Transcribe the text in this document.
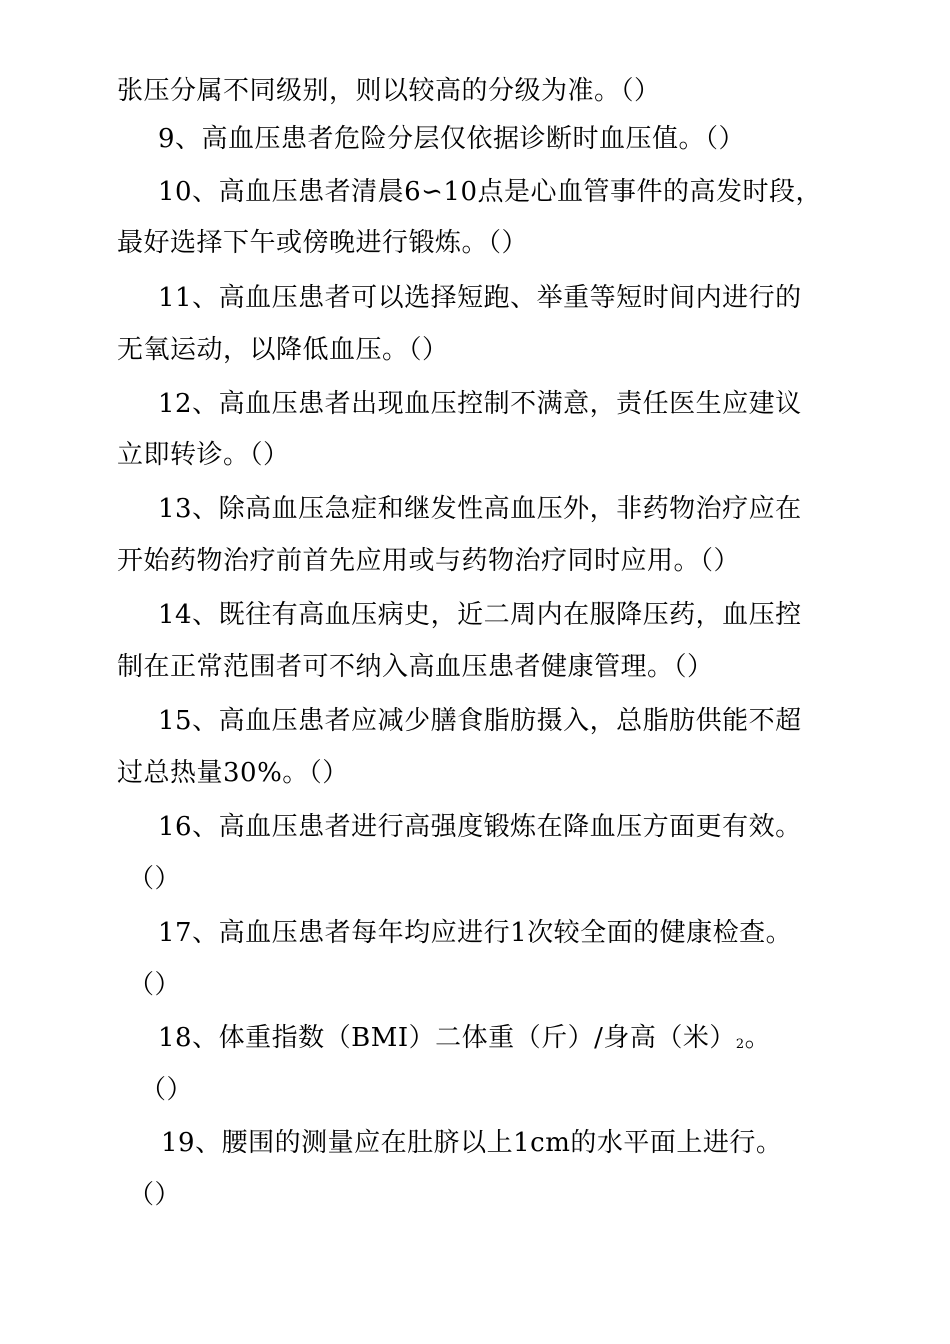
张压分属不同级别，则以较高的分级为准。（）
9、高血压患者危险分层仅依据诊断时血压值。（）
10、高血压患者清晨6∽10点是心血管事件的高发时段，
最好选择下午或傍晚进行锻炼。（）
11、高血压患者可以选择短跑、举重等短时间内进行的
无氧运动，以降低血压。（）
12、高血压患者出现血压控制不满意，责任医生应建议
立即转诊。（）
13、除高血压急症和继发性高血压外，非药物治疗应在
开始药物治疗前首先应用或与药物治疗同时应用。（）
14、既往有高血压病史，近二周内在服降压药，血压控
制在正常范围者可不纳入高血压患者健康管理。（）
15、高血压患者应减少膳食脂肪摄入，总脂肪供能不超
过总热量30%。（）
16、高血压患者进行高强度锻炼在降血压方面更有效。
（）
17、高血压患者每年均应进行1次较全面的健康检查。
（）
18、体重指数（BMI）二体重（斤）/身高（米）2。
（）
19、腰围的测量应在肚脐以上1cm的水平面上进行。
（）
